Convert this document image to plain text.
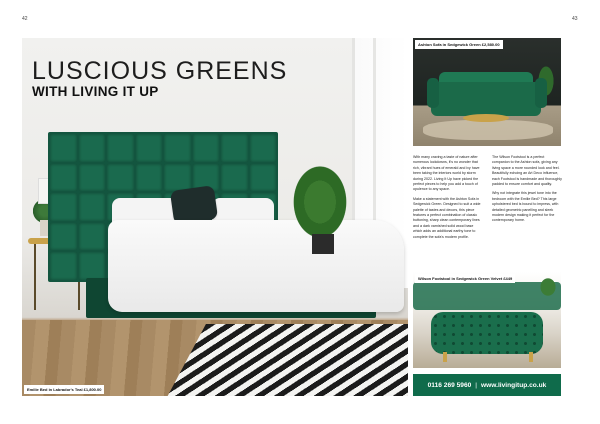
42	43
LUSCIOUS GREENS
WITH LIVING IT UP
Emilie Bed in Labrador's Teal £1,800.00
Ashton Sofa in Sedgewick Green £2,580.00

With many craving a taste of nature after numerous lockdowns, it's no wonder that rich, vibrant hues of emerald and ivy have been taking the interiors world by storm during 2022. Living It Up have picked the perfect pieces to help you add a touch of opulence to any space.

Make a statement with the Ashton Sofa in Sedgewick Green. Designed to suit a wide palette of tastes and decors, this piece features a perfect combination of classic buttoning, sharp clean contemporary lines and a dark varnished solid wood base which adds an additional earthy tone to complete the sofa's modern profile.

The Wilson Footstool is a perfect companion to the Ashton sofa, giving any living space a more rounded look and feel. Beautifully echoing an Art Deco influence, each Footstool is handmade and thoroughly padded to ensure comfort and quality.

Why not integrate this jewel tone into the bedroom with the Emilie Bed? This large upholstered bed is bound to impress, with detailed geometric panelling and sleek modern design making it perfect for the contemporary home.

Wilson Footstool in Sedgewick Green Velvet £449
0116 269 5960 | www.livingitup.co.uk
